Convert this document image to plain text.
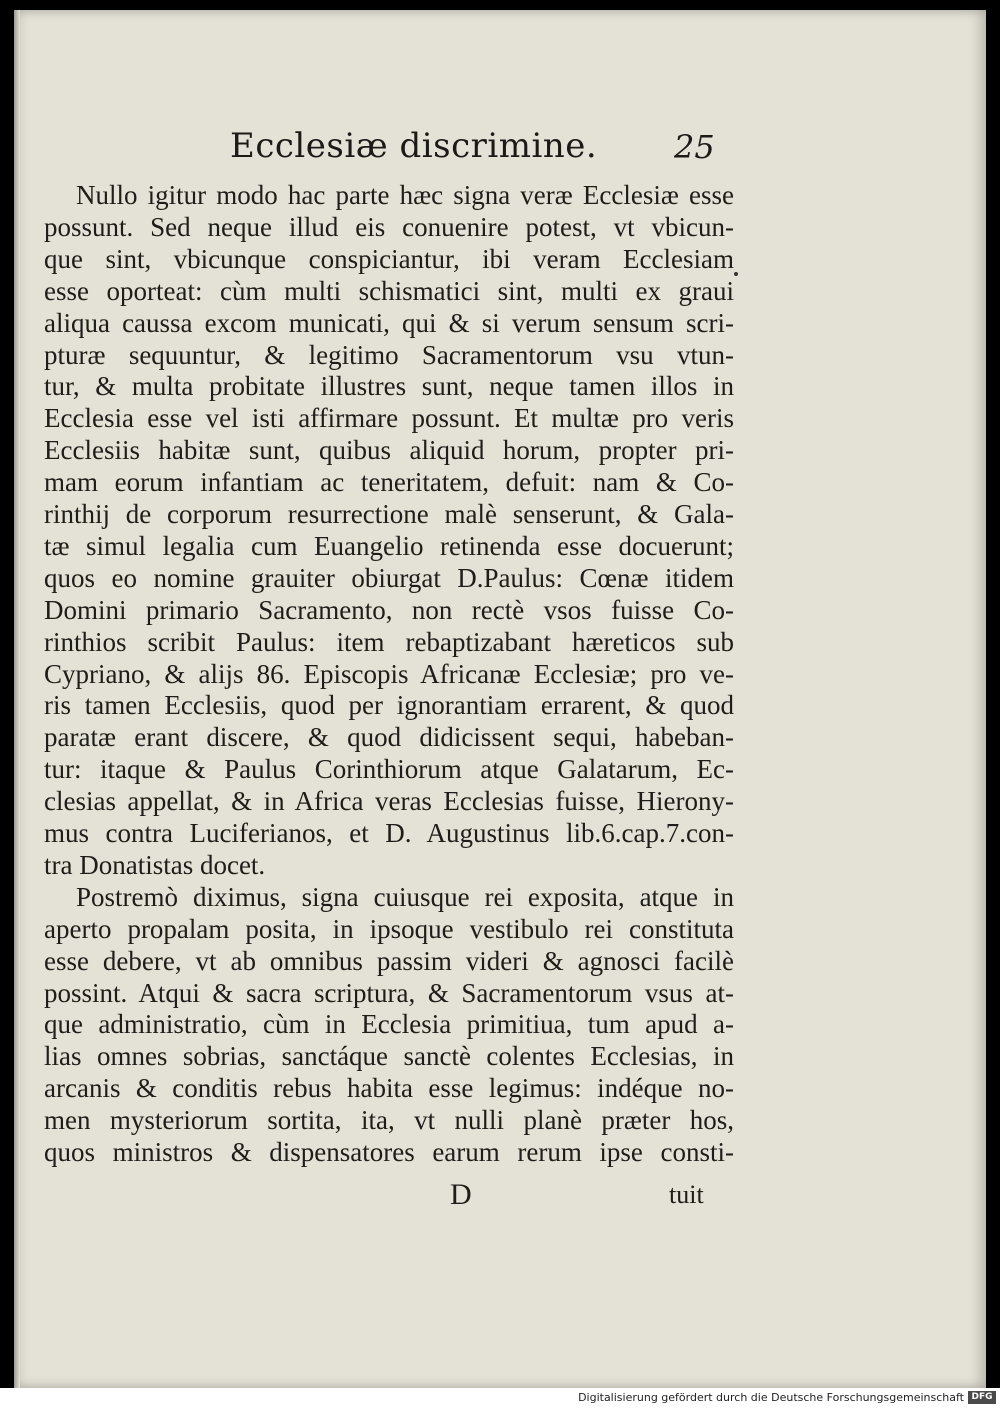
Ecclesiæ discrimine.	25
Nullo igitur modo hac parte hæc signa veræ Ecclesiæ esse
possunt. Sed neque illud eis conuenire potest, vt vbicun-
que sint, vbicunque conspiciantur, ibi veram Ecclesiam
esse oporteat: cùm multi schismatici sint, multi ex graui
aliqua caussa excom municati, qui & si verum sensum scri-
pturæ sequuntur, & legitimo Sacramentorum vsu vtun-
tur, & multa probitate illustres sunt, neque tamen illos in
Ecclesia esse vel isti affirmare possunt. Et multæ pro veris
Ecclesiis habitæ sunt, quibus aliquid horum, propter pri-
mam eorum infantiam ac teneritatem, defuit: nam & Co-
rinthij de corporum resurrectione malè senserunt, & Gala-
tæ simul legalia cum Euangelio retinenda esse docuerunt;
quos eo nomine grauiter obiurgat D.Paulus: Cœnæ itidem
Domini primario Sacramento, non rectè vsos fuisse Co-
rinthios scribit Paulus: item rebaptizabant hæreticos sub
Cypriano, & alijs 86. Episcopis Africanæ Ecclesiæ; pro ve-
ris tamen Ecclesiis, quod per ignorantiam errarent, & quod
paratæ erant discere, & quod didicissent sequi, habeban-
tur: itaque & Paulus Corinthiorum atque Galatarum, Ec-
clesias appellat, & in Africa veras Ecclesias fuisse, Hierony-
mus contra Luciferianos, et D. Augustinus lib.6.cap.7.con-
tra Donatistas docet.
Postremò diximus, signa cuiusque rei exposita, atque in
aperto propalam posita, in ipsoque vestibulo rei constituta
esse debere, vt ab omnibus passim videri & agnosci facilè
possint. Atqui & sacra scriptura, & Sacramentorum vsus at-
que administratio, cùm in Ecclesia primitiua, tum apud a-
lias omnes sobrias, sanctáque sanctè colentes Ecclesias, in
arcanis & conditis rebus habita esse legimus: indéque no-
men mysteriorum sortita, ita, vt nulli planè præter hos,
quos ministros & dispensatores earum rerum ipse consti-
D	tuit
Digitalisierung gefördert durch die Deutsche Forschungsgemeinschaft DFG
